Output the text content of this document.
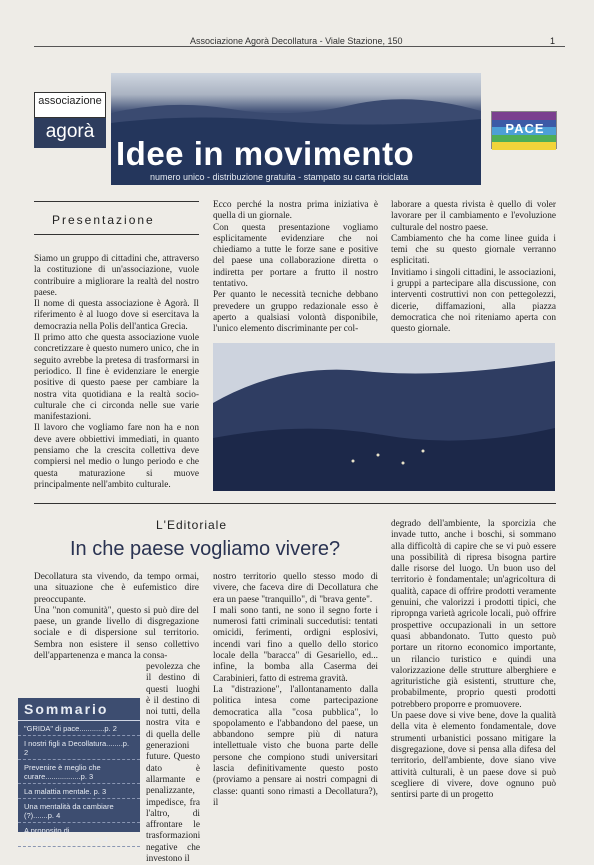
Associazione Agorà Decollatura - Viale Stazione, 150	1
associazione
agorà
Idee in movimento
numero unico - distribuzione gratuita - stampato su carta riciclata
PACE
Presentazione

Siamo un gruppo di cittadini che, attraverso la costituzione di un'associazione, vuole contribuire a migliorare la realtà del nostro paese.

Il nome di questa associazione è Agorà. Il riferimento è al luogo dove si esercitava la democrazia nella Polis dell'antica Grecia.

Il primo atto che questa associazione vuole concretizzare è questo numero unico, che in seguito avrebbe la pretesa di trasformarsi in periodico. Il fine è evidenziare le energie positive di questo paese per cambiare la nostra vita quotidiana e la realtà socio-culturale che ci circonda nelle sue varie manifestazioni.

Il lavoro che vogliamo fare non ha e non deve avere obbiettivi immediati, in quanto pensiamo che la crescita collettiva deve compiersi nel medio o lungo periodo e che questa maturazione si muove principalmente nell'ambito culturale.

Ecco perché la nostra prima iniziativa è quella di un giornale.

Con questa presentazione vogliamo esplicitamente evidenziare che noi chiediamo a tutte le forze sane e positive del paese una collaborazione diretta o indiretta per portare a frutto il nostro tentativo.

Per quanto le necessità tecniche debbano prevedere un gruppo redazionale esso è aperto a qualsiasi volontà disponibile, l'unico elemento discriminante per col-

laborare a questa rivista è quello di voler lavorare per il cambiamento e l'evoluzione culturale del nostro paese.

Cambiamento che ha come linee guida i temi che su questo giornale verranno esplicitati.

Invitiamo i singoli cittadini, le associazioni, i gruppi a partecipare alla discussione, con interventi costruttivi non con pettegolezzi, dicerie, diffamazioni, alla piazza democratica che noi riteniamo aperta con questo giornale.

L'Editoriale
In che paese vogliamo vivere?

Decollatura sta vivendo, da tempo ormai, una situazione che è eufemistico dire preoccupante.

Una "non comunità", questo si può dire del paese, un grande livello di disgregazione sociale e di dispersione sul territorio. Sembra non esistere il senso collettivo dell'appartenenza e manca la consa-

pevolezza che il destino di questi luoghi è il destino di noi tutti, della nostra vita e di quella delle generazioni future. Questo dato è allarmante e penalizzante, impedisce, fra l'altro, di affrontare le trasformazioni negative che investono il
Sommario
"GRIDA" di pace............p. 2
I nostri figli a Decollatura........p. 2
Prevenire è meglio che curare.................p. 3
La malattia mentale. p. 3
Una mentalità da cambiare (?).......p. 4
A proposito di Agricoltura.................p. 4

nostro territorio quello stesso modo di vivere, che faceva dire di Decollatura che era un paese "tranquillo", di "brava gente".

I mali sono tanti, ne sono il segno forte i numerosi fatti criminali succedutisi: tentati omicidi, ferimenti, ordigni esplosivi, incendi vari fino a quello dello storico locale della "baracca" di Gesariello, ed... infine, la bomba alla Caserma dei Carabinieri, fatto di estrema gravità.

La "distrazione", l'allontanamento dalla politica intesa come partecipazione democratica alla "cosa pubblica", lo spopolamento e l'abbandono del paese, un abbandono sempre più di natura intellettuale visto che buona parte delle persone che compiono studi universitari lascia definitivamente questo posto (proviamo a pensare ai nostri compagni di classe: quanti sono rimasti a Decollatura?), il

degrado dell'ambiente, la sporcizia che invade tutto, anche i boschi, si sommano alla difficoltà di capire che se vi può essere una possibilità di ripresa bisogna partire dalle risorse del luogo. Un buon uso del territorio è fondamentale; un'agricoltura di qualità, capace di offrire prodotti veramente genuini, che valorizzi i prodotti tipici, che ripropnga varietà agricole locali, può offrire prospettive occupazionali in un settore quasi abbandonato. Tutto questo può portare un ritorno economico importante, un rilancio turistico e quindi una valorizzazione delle strutture alberghiere e agrituristiche già esistenti, strutture che, probabilmente, proprio questi prodotti potrebbero proporre e promuovere.

Un paese dove si vive bene, dove la qualità della vita è elemento fondamentale, dove strumenti urbanistici possano mitigare la disgregazione, dove si pensa alla difesa del territorio, dell'ambiente, dove siano vive attività culturali, è un paese dove si può scegliere di vivere, dove ognuno può sentirsi parte di un progetto
